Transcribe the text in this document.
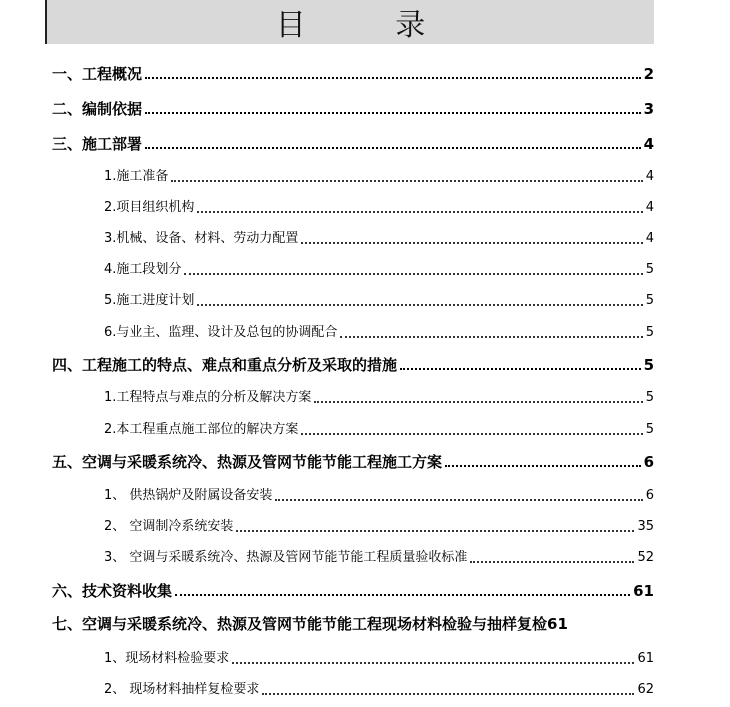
目 录
一、工程概况	2
二、编制依据	3
三、施工部署	4
1.施工准备	4
2.项目组织机构	4
3.机械、设备、材料、劳动力配置	4
4.施工段划分	5
5.施工进度计划	5
6.与业主、监理、设计及总包的协调配合	5
四、工程施工的特点、难点和重点分析及采取的措施	5
1.工程特点与难点的分析及解决方案	5
2.本工程重点施工部位的解决方案	5
五、空调与采暖系统冷、热源及管网节能节能工程施工方案	6
1、 供热锅炉及附属设备安装	6
2、 空调制冷系统安装	35
3、 空调与采暖系统冷、热源及管网节能节能工程质量验收标准	52
六、技术资料收集	61
七、空调与采暖系统冷、热源及管网节能节能工程现场材料检验与抽样复检 61
1、现场材料检验要求	61
2、 现场材料抽样复检要求	62
